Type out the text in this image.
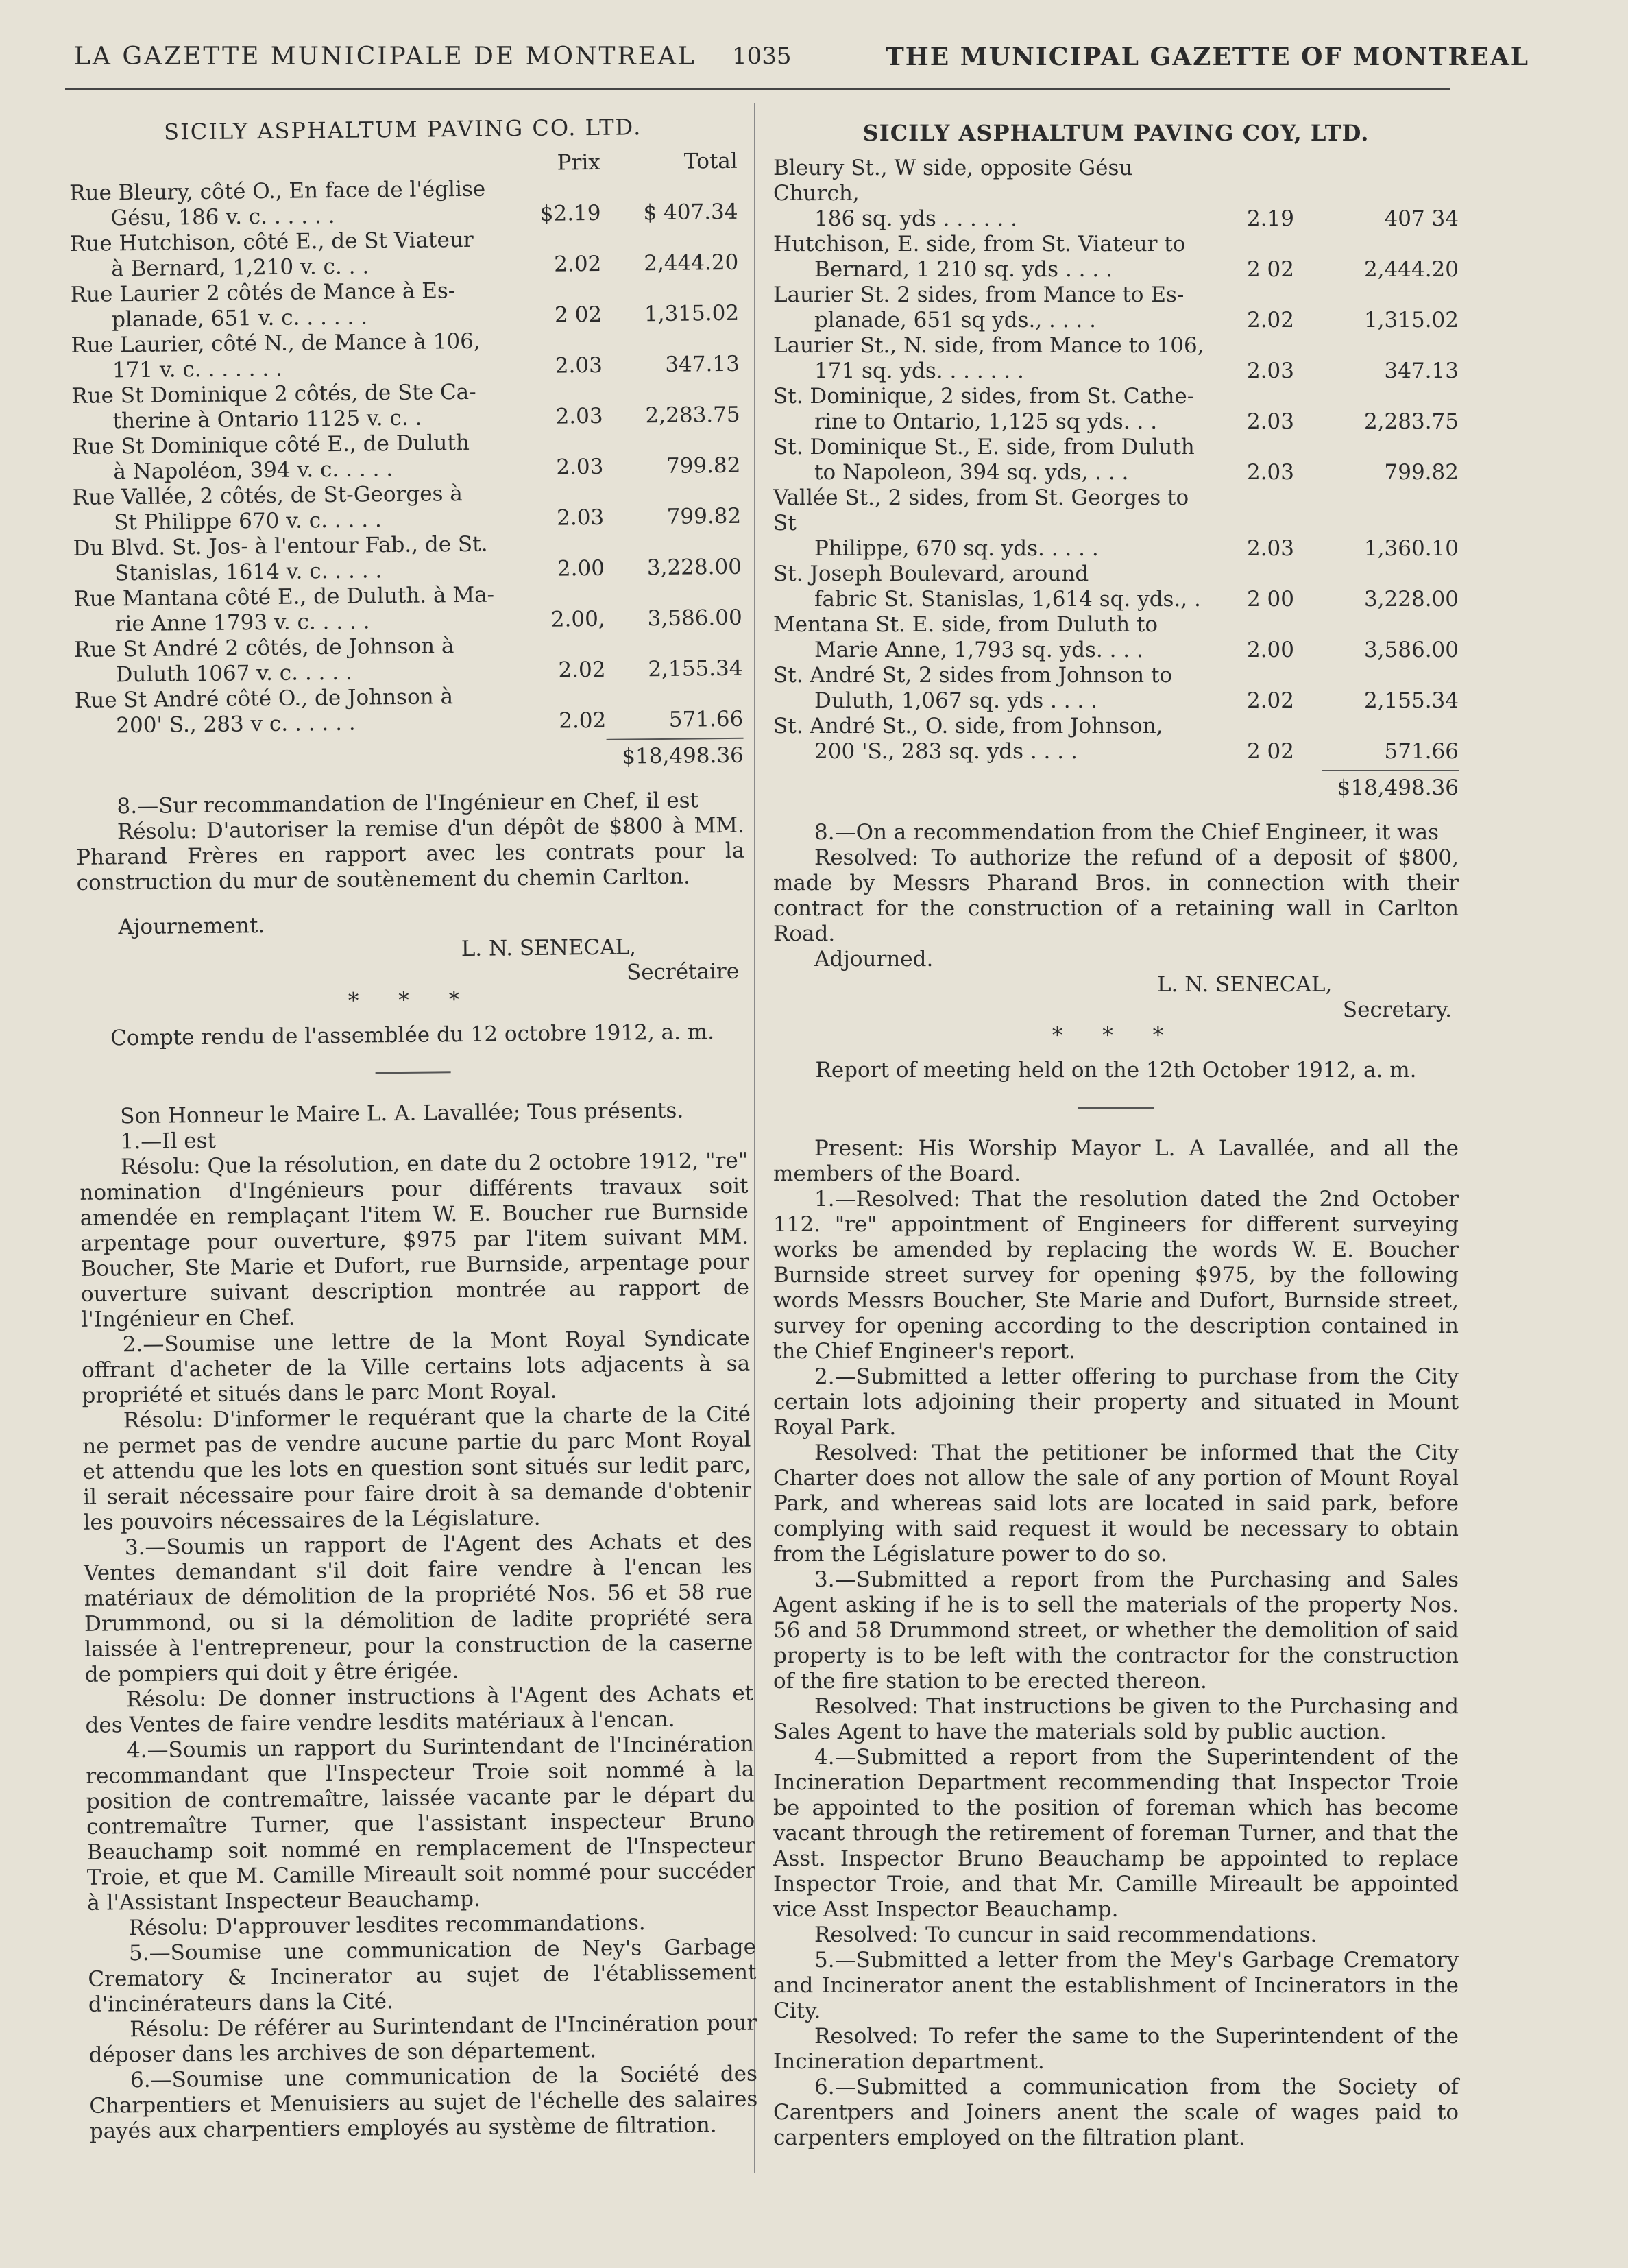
LA GAZETTE MUNICIPALE DE MONTREAL 1035	THE MUNICIPAL GAZETTE OF MONTREAL
SICILY ASPHALTUM PAVING CO. LTD.
Prix	Total
Rue Bleury, côté O., En face de l'église
Gésu, 186 v. c. . . . . .	$2.19	$ 407.34
Rue Hutchison, côté E., de St Viateur
à Bernard, 1,210 v. c. . .	2.02	2,444.20
Rue Laurier 2 côtés de Mance à Es-
planade, 651 v. c. . . . . .	2 02	1,315.02
Rue Laurier, côté N., de Mance à 106,
171 v. c. . . . . . .	2.03	347.13
Rue St Dominique 2 côtés, de Ste Ca-
therine à Ontario 1125 v. c. .	2.03	2,283.75
Rue St Dominique côté E., de Duluth
à Napoléon, 394 v. c. . . . .	2.03	799.82
Rue Vallée, 2 côtés, de St-Georges à
St Philippe 670 v. c. . . . .	2.03	799.82
Du Blvd. St. Jos- à l'entour Fab., de St.
Stanislas, 1614 v. c. . . . .	2.00	3,228.00
Rue Mantana côté E., de Duluth. à Ma-
rie Anne 1793 v. c. . . . .	2.00,	3,586.00
Rue St André 2 côtés, de Johnson à
Duluth 1067 v. c. . . . .	2.02	2,155.34
Rue St André côté O., de Johnson à
200' S., 283 v c. . . . . .	2.02	571.66
$18,498.36

8.—Sur recommandation de l'Ingénieur en Chef, il est

Résolu: D'autoriser la remise d'un dépôt de $800 à MM. Pharand Frères en rapport avec les contrats pour la construction du mur de soutènement du chemin Carlton.

Ajournement.

L. N. SENECAL,
Secrétaire
* * *
Compte rendu de l'assemblée du 12 octobre 1912, a. m.

Son Honneur le Maire L. A. Lavallée; Tous présents.

1.—Il est

Résolu: Que la résolution, en date du 2 octobre 1912, "re" nomination d'Ingénieurs pour différents travaux soit amendée en remplaçant l'item W. E. Boucher rue Burnside arpentage pour ouverture, $975 par l'item suivant MM. Boucher, Ste Marie et Dufort, rue Burnside, arpentage pour ouverture suivant description montrée au rapport de l'Ingénieur en Chef.

2.—Soumise une lettre de la Mont Royal Syndicate offrant d'acheter de la Ville certains lots adjacents à sa propriété et situés dans le parc Mont Royal.

Résolu: D'informer le requérant que la charte de la Cité ne permet pas de vendre aucune partie du parc Mont Royal et attendu que les lots en question sont situés sur ledit parc, il serait nécessaire pour faire droit à sa demande d'obtenir les pouvoirs nécessaires de la Législature.

3.—Soumis un rapport de l'Agent des Achats et des Ventes demandant s'il doit faire vendre à l'encan les matériaux de démolition de la propriété Nos. 56 et 58 rue Drummond, ou si la démolition de ladite propriété sera laissée à l'entrepreneur, pour la construction de la caserne de pompiers qui doit y être érigée.

Résolu: De donner instructions à l'Agent des Achats et des Ventes de faire vendre lesdits matériaux à l'encan.

4.—Soumis un rapport du Surintendant de l'Incinération recommandant que l'Inspecteur Troie soit nommé à la position de contremaître, laissée vacante par le départ du contremaître Turner, que l'assistant inspecteur Bruno Beauchamp soit nommé en remplacement de l'Inspecteur Troie, et que M. Camille Mireault soit nommé pour succéder à l'Assistant Inspecteur Beauchamp.

Résolu: D'approuver lesdites recommandations.

5.—Soumise une communication de Ney's Garbage Crematory & Incinerator au sujet de l'établissement d'incinérateurs dans la Cité.

Résolu: De référer au Surintendant de l'Incinération pour déposer dans les archives de son département.

6.—Soumise une communication de la Société des Charpentiers et Menuisiers au sujet de l'échelle des salaires payés aux charpentiers employés au système de filtration.

SICILY ASPHALTUM PAVING COY, LTD.
Bleury St., W side, opposite Gésu Church,
186 sq. yds . . . . . .	2.19	407 34
Hutchison, E. side, from St. Viateur to
Bernard, 1 210 sq. yds . . . .	2 02	2,444.20
Laurier St. 2 sides, from Mance to Es-
planade, 651 sq yds., . . . .	2.02	1,315.02
Laurier St., N. side, from Mance to 106,
171 sq. yds. . . . . . .	2.03	347.13
St. Dominique, 2 sides, from St. Cathe-
rine to Ontario, 1,125 sq yds. . .	2.03	2,283.75
St. Dominique St., E. side, from Duluth
to Napoleon, 394 sq. yds, . . .	2.03	799.82
Vallée St., 2 sides, from St. Georges to St
Philippe, 670 sq. yds. . . . .	2.03	1,360.10
St. Joseph Boulevard, around
fabric St. Stanislas, 1,614 sq. yds., .	2 00	3,228.00
Mentana St. E. side, from Duluth to
Marie Anne, 1,793 sq. yds. . . .	2.00	3,586.00
St. André St, 2 sides from Johnson to
Duluth, 1,067 sq. yds . . . .	2.02	2,155.34
St. André St., O. side, from Johnson,
200 'S., 283 sq. yds . . . .	2 02	571.66
$18,498.36

8.—On a recommendation from the Chief Engineer, it was

Resolved: To authorize the refund of a deposit of $800, made by Messrs Pharand Bros. in connection with their contract for the construction of a retaining wall in Carlton Road.

Adjourned.

L. N. SENECAL,
Secretary.
* * *
Report of meeting held on the 12th October 1912, a. m.

Present: His Worship Mayor L. A Lavallée, and all the members of the Board.

1.—Resolved: That the resolution dated the 2nd October 112. "re" appointment of Engineers for different surveying works be amended by replacing the words W. E. Boucher Burnside street survey for opening $975, by the following words Messrs Boucher, Ste Marie and Dufort, Burnside street, survey for opening according to the description contained in the Chief Engineer's report.

2.—Submitted a letter offering to purchase from the City certain lots adjoining their property and situated in Mount Royal Park.

Resolved: That the petitioner be informed that the City Charter does not allow the sale of any portion of Mount Royal Park, and whereas said lots are located in said park, before complying with said request it would be necessary to obtain from the Législature power to do so.

3.—Submitted a report from the Purchasing and Sales Agent asking if he is to sell the materials of the property Nos. 56 and 58 Drummond street, or whether the demolition of said property is to be left with the contractor for the construction of the fire station to be erected thereon.

Resolved: That instructions be given to the Purchasing and Sales Agent to have the materials sold by public auction.

4.—Submitted a report from the Superintendent of the Incineration Department recommending that Inspector Troie be appointed to the position of foreman which has become vacant through the retirement of foreman Turner, and that the Asst. Inspector Bruno Beauchamp be appointed to replace Inspector Troie, and that Mr. Camille Mireault be appointed vice Asst Inspector Beauchamp.

Resolved: To cuncur in said recommendations.

5.—Submitted a letter from the Mey's Garbage Crematory and Incinerator anent the establishment of Incinerators in the City.

Resolved: To refer the same to the Superintendent of the Incineration department.

6.—Submitted a communication from the Society of Carentpers and Joiners anent the scale of wages paid to carpenters employed on the filtration plant.
